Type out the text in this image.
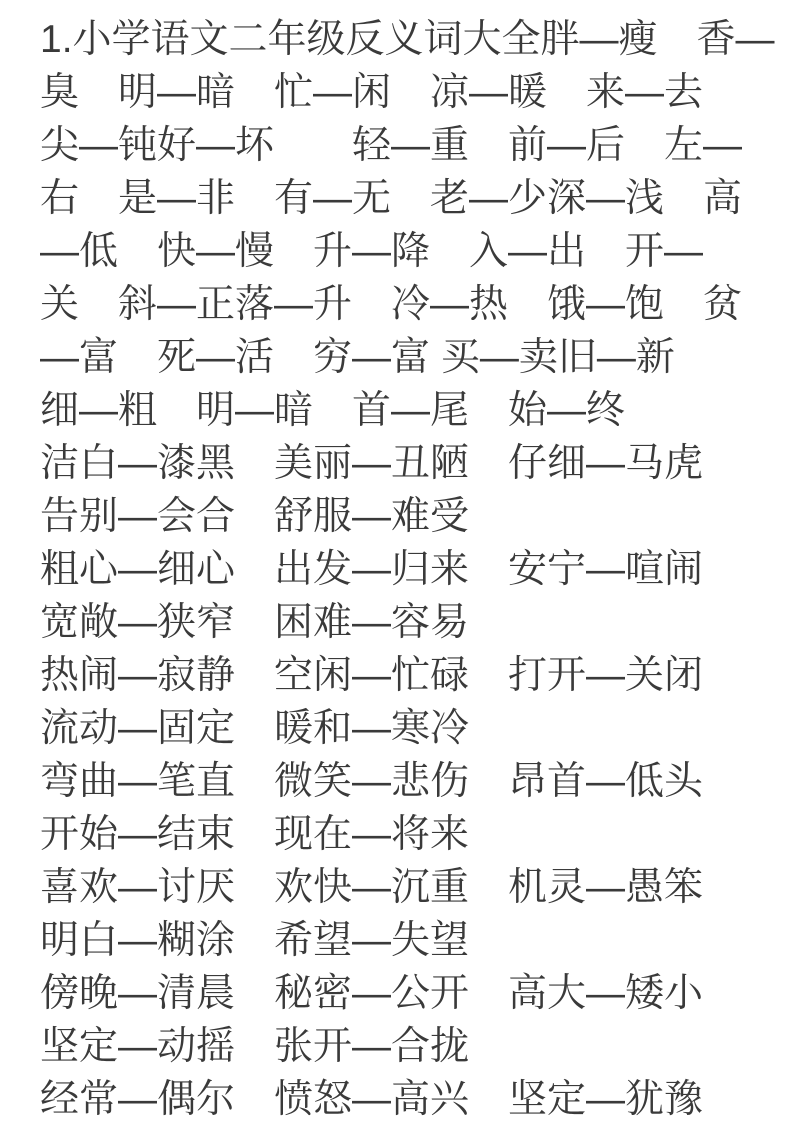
1.小学语文二年级反义词大全胖—瘦　香—
臭　明—暗　忙—闲　凉—暖　来—去
尖—钝好—坏　　轻—重　前—后　左—
右　是—非　有—无　老—少深—浅　高
—低　快—慢　升—降　入—出　开—
关　斜—正落—升　冷—热　饿—饱　贫
—富　死—活　穷—富 买—卖旧—新
细—粗　明—暗　首—尾　始—终
洁白—漆黑　美丽—丑陋　仔细—马虎
告别—会合　舒服—难受
粗心—细心　出发—归来　安宁—喧闹
宽敞—狭窄　困难—容易
热闹—寂静　空闲—忙碌　打开—关闭
流动—固定　暖和—寒冷
弯曲—笔直　微笑—悲伤　昂首—低头
开始—结束　现在—将来
喜欢—讨厌　欢快—沉重　机灵—愚笨
明白—糊涂　希望—失望
傍晚—清晨　秘密—公开　高大—矮小
坚定—动摇　张开—合拢
经常—偶尔　愤怒—高兴　坚定—犹豫
